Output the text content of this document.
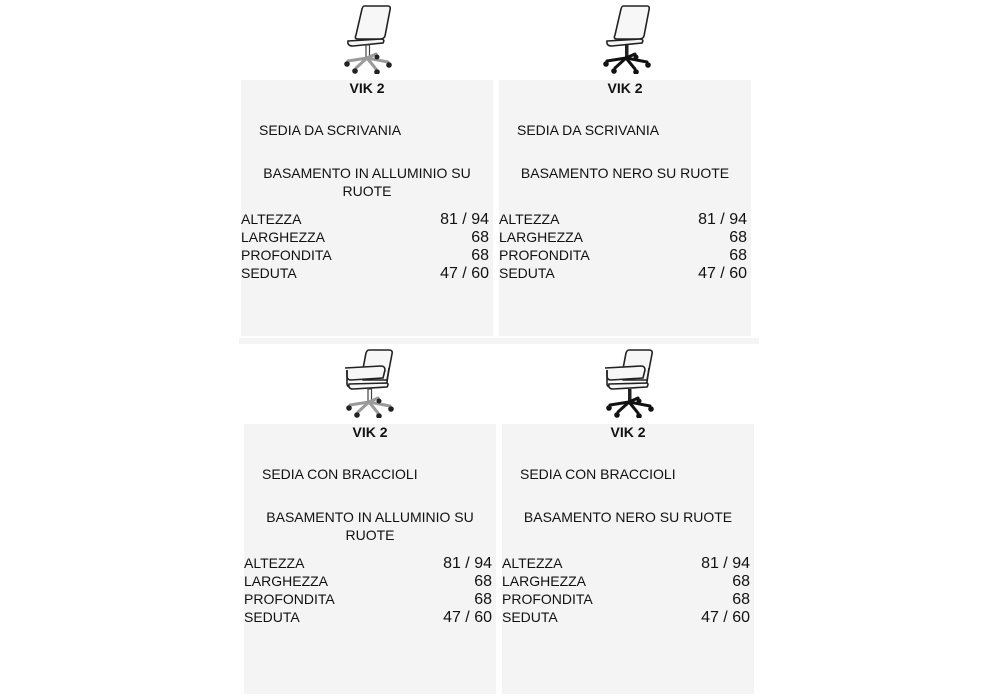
VIK 2
SEDIA DA SCRIVANIA
BASAMENTO IN ALLUMINIO SU RUOTE
ALTEZZA	81 / 94
LARGHEZZA	68
PROFONDITA	68
SEDUTA	47 / 60
VIK 2
SEDIA DA SCRIVANIA
BASAMENTO NERO SU RUOTE
ALTEZZA	81 / 94
LARGHEZZA	68
PROFONDITA	68
SEDUTA	47 / 60
VIK 2
SEDIA CON BRACCIOLI
BASAMENTO IN ALLUMINIO SU RUOTE
ALTEZZA	81 / 94
LARGHEZZA	68
PROFONDITA	68
SEDUTA	47 / 60
VIK 2
SEDIA CON BRACCIOLI
BASAMENTO NERO SU RUOTE
ALTEZZA	81 / 94
LARGHEZZA	68
PROFONDITA	68
SEDUTA	47 / 60
